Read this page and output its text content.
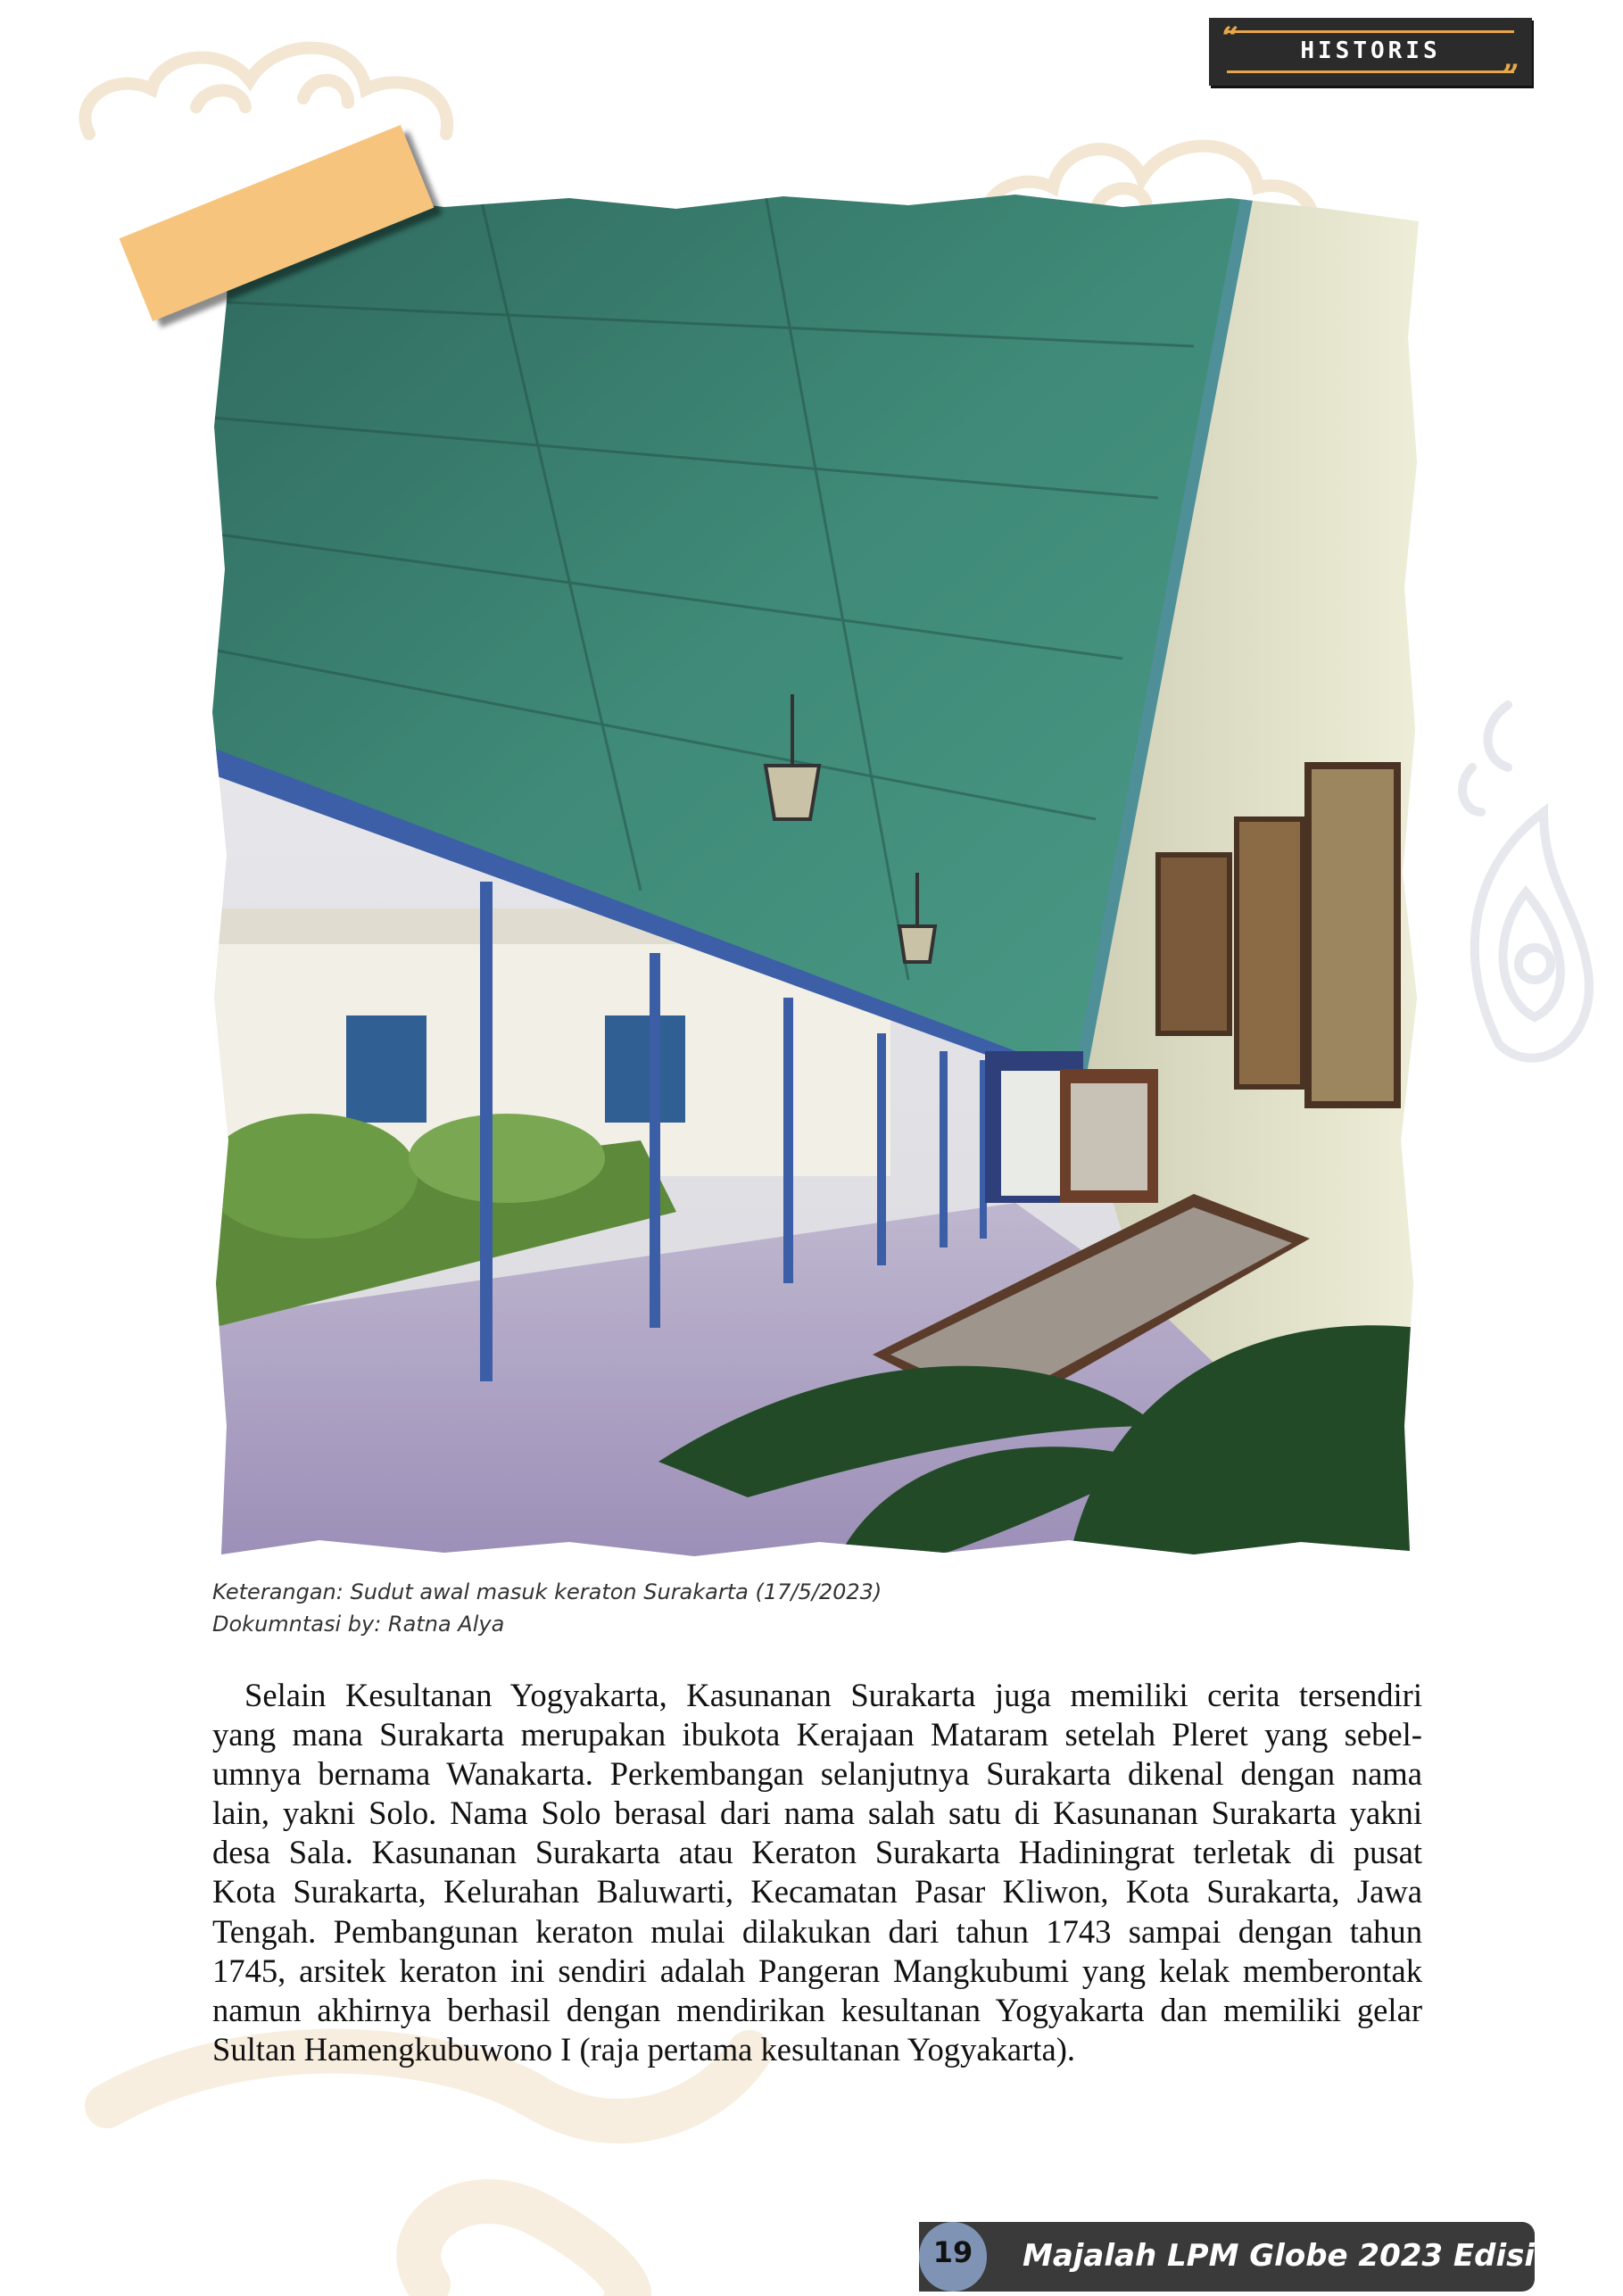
“	HISTORIS
”
Keterangan: Sudut awal masuk keraton Surakarta (17/5/2023)
Dokumntasi by: Ratna Alya
Selain Kesultanan Yogyakarta, Kasunanan Surakarta juga memiliki cerita tersendiri
yang mana Surakarta merupakan ibukota Kerajaan Mataram setelah Pleret yang sebel-
umnya bernama Wanakarta. Perkembangan selanjutnya Surakarta dikenal dengan nama
lain, yakni Solo. Nama Solo berasal dari nama salah satu di Kasunanan Surakarta yakni
desa Sala. Kasunanan Surakarta atau Keraton Surakarta Hadiningrat terletak di pusat
Kota Surakarta, Kelurahan Baluwarti, Kecamatan Pasar Kliwon, Kota Surakarta, Jawa
Tengah. Pembangunan keraton mulai dilakukan dari tahun 1743 sampai dengan tahun
1745, arsitek keraton ini sendiri adalah Pangeran Mangkubumi yang kelak memberontak
namun akhirnya berhasil dengan mendirikan kesultanan Yogyakarta dan memiliki gelar
Sultan Hamengkubuwono I (raja pertama kesultanan Yogyakarta).
19	Majalah LPM Globe 2023 Edisi I
